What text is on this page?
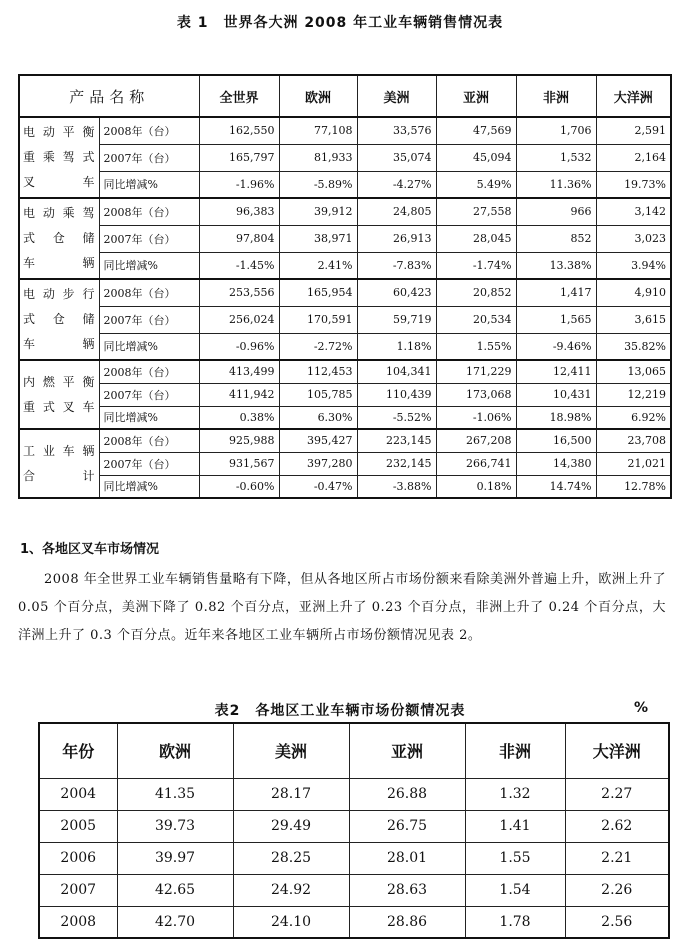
表 1　世界各大洲 2008 年工业车辆销售情况表
产品名称		全世界	欧洲	美洲	亚洲	非洲	大洋洲

电动平衡
重乘驾式
叉车	2008年（台）	162,550	77,108	33,576	47,569	1,706	2,591
	2007年（台）	165,797	81,933	35,074	45,094	1,532	2,164
	同比增减%	-1.96%	-5.89%	-4.27%	5.49%	11.36%	19.73%

电动乘驾
式仓储
车辆	2008年（台）	96,383	39,912	24,805	27,558	966	3,142
	2007年（台）	97,804	38,971	26,913	28,045	852	3,023
	同比增减%	-1.45%	2.41%	-7.83%	-1.74%	13.38%	3.94%

电动步行
式仓储
车辆	2008年（台）	253,556	165,954	60,423	20,852	1,417	4,910
	2007年（台）	256,024	170,591	59,719	20,534	1,565	3,615
	同比增减%	-0.96%	-2.72%	1.18%	1.55%	-9.46%	35.82%

内燃平衡
重式叉车	2008年（台）	413,499	112,453	104,341	171,229	12,411	13,065
	2007年（台）	411,942	105,785	110,439	173,068	10,431	12,219
	同比增减%	0.38%	6.30%	-5.52%	-1.06%	18.98%	6.92%

工业车辆
合计	2008年（台）	925,988	395,427	223,145	267,208	16,500	23,708
	2007年（台）	931,567	397,280	232,145	266,741	14,380	21,021
	同比增减%	-0.60%	-0.47%	-3.88%	0.18%	14.74%	12.78%
1、各地区叉车市场情况
2008 年全世界工业车辆销售量略有下降，但从各地区所占市场份额来看除美洲外普遍上升，欧洲上升了 0.05 个百分点，美洲下降了 0.82 个百分点，亚洲上升了 0.23 个百分点，非洲上升了 0.24 个百分点，大洋洲上升了 0.3 个百分点。近年来各地区工业车辆所占市场份额情况见表 2。
表2　各地区工业车辆市场份额情况表	%
年份	欧洲	美洲	亚洲	非洲	大洋洲
2004	41.35	28.17	26.88	1.32	2.27
2005	39.73	29.49	26.75	1.41	2.62
2006	39.97	28.25	28.01	1.55	2.21
2007	42.65	24.92	28.63	1.54	2.26
2008	42.70	24.10	28.86	1.78	2.56
